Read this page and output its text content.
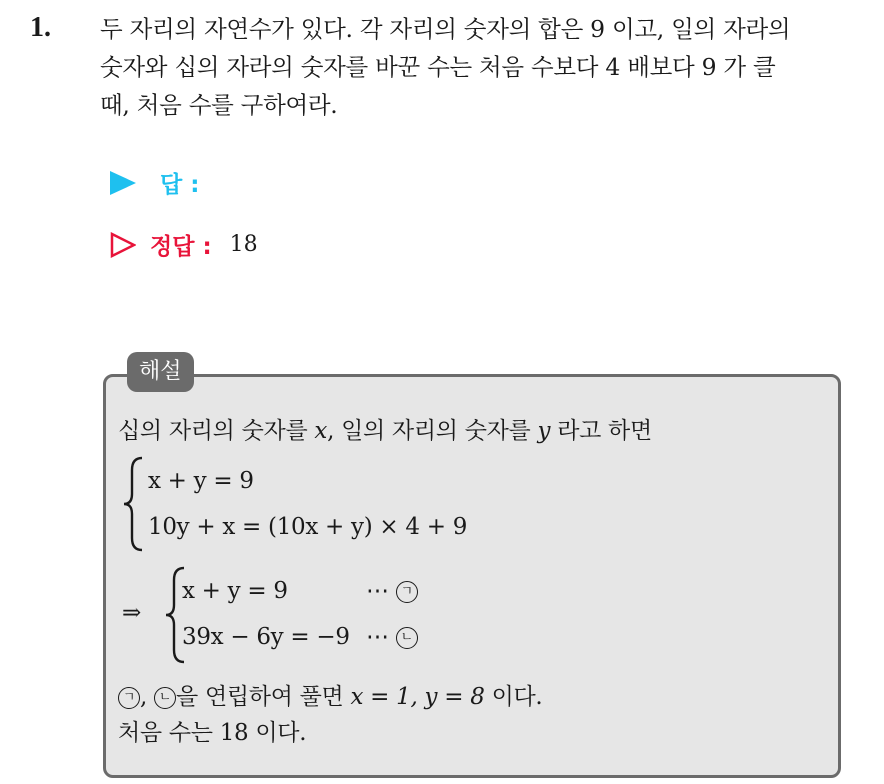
1. 두 자리의 자연수가 있다. 각 자리의 숫자의 합은 9 이고, 일의 자라의
숫자와 십의 자라의 숫자를 바꾼 수는 처음 수보다 4 배보다 9 가 클
때, 처음 수를 구하여라.
답 :
정답 : 18
해설
십의 자리의 숫자를 x, 일의 자리의 숫자를 y 라고 하면
x + y = 9
10y + x = (10x + y) × 4 + 9
⇒
x + y = 9
39x − 6y = −9
⋯ ㄱ
⋯ ㄴ
ㄱ , ㄴ 을 연립하여 풀면 x = 1, y = 8 이다.
처음 수는 18 이다.
